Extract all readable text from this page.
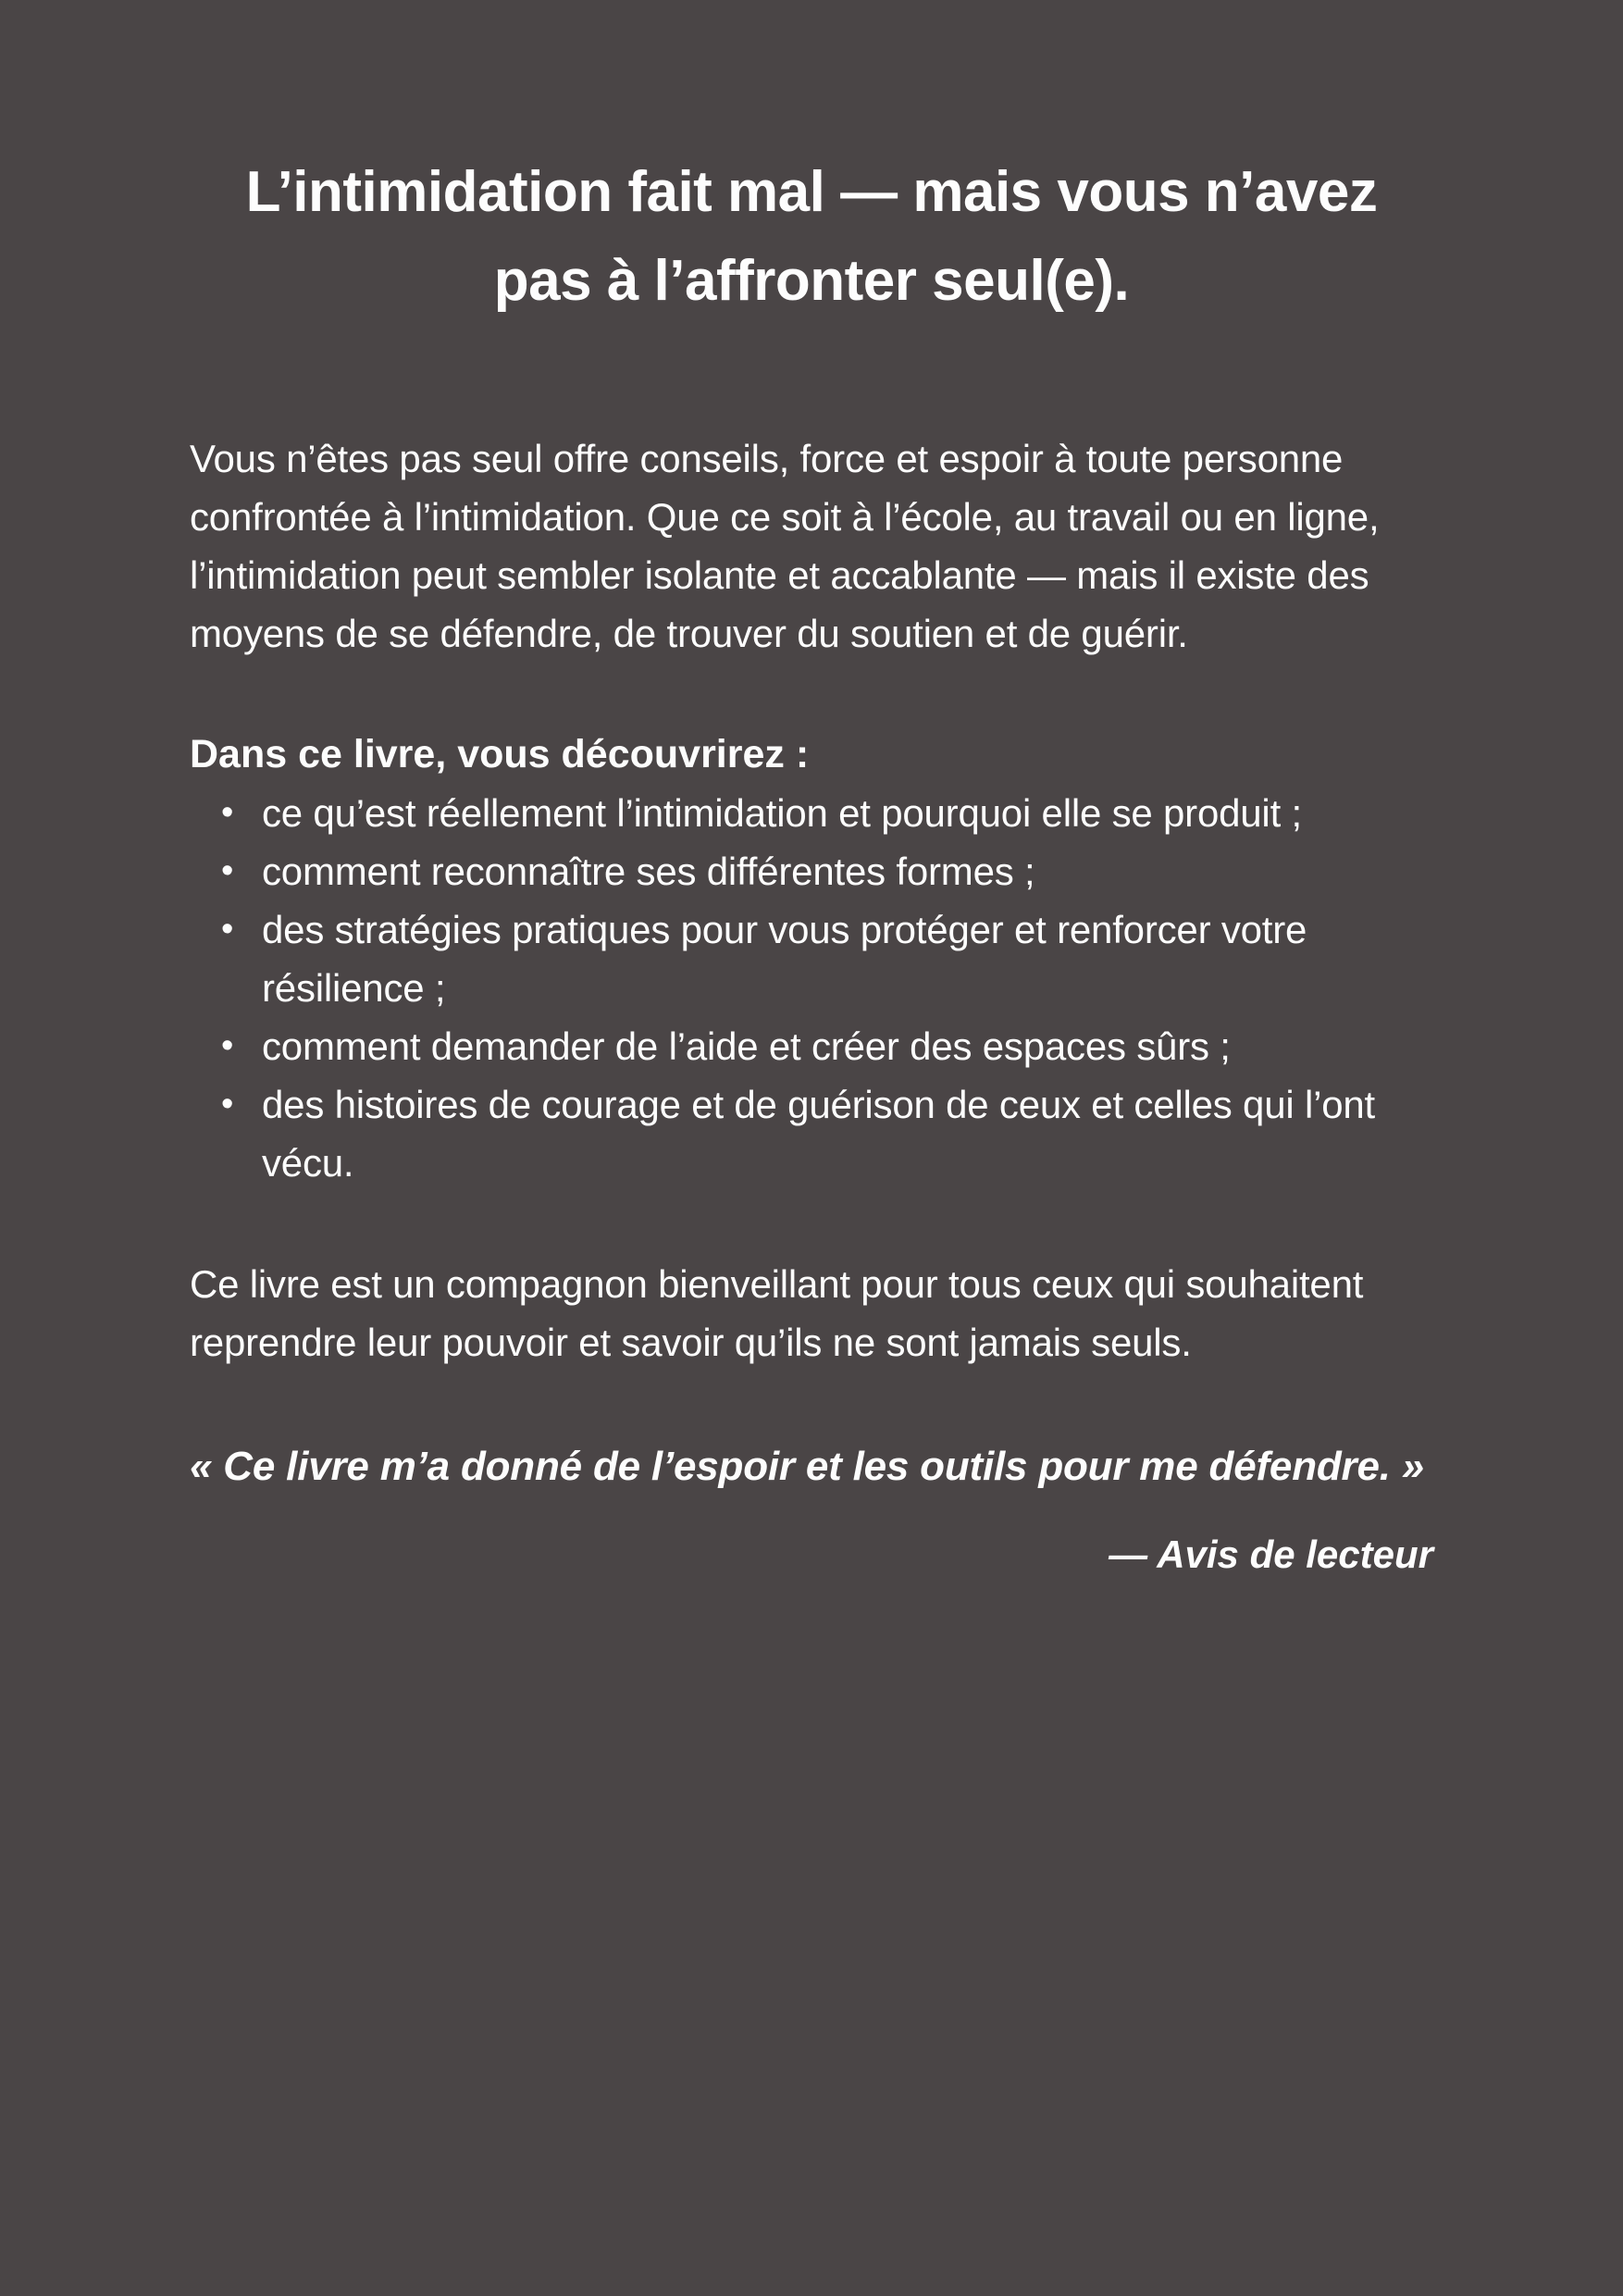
L’intimidation fait mal — mais vous n’avez pas à l’affronter seul(e).

Vous n’êtes pas seul offre conseils, force et espoir à toute personne confrontée à l’intimidation. Que ce soit à l’école, au travail ou en ligne, l’intimidation peut sembler isolante et accablante — mais il existe des moyens de se défendre, de trouver du soutien et de guérir.

Dans ce livre, vous découvrirez :

• ce qu’est réellement l’intimidation et pourquoi elle se produit ;
• comment reconnaître ses différentes formes ;
• des stratégies pratiques pour vous protéger et renforcer votre résilience ;
• comment demander de l’aide et créer des espaces sûrs ;
• des histoires de courage et de guérison de ceux et celles qui l’ont vécu.

Ce livre est un compagnon bienveillant pour tous ceux qui souhaitent reprendre leur pouvoir et savoir qu’ils ne sont jamais seuls.

« Ce livre m’a donné de l’espoir et les outils pour me défendre. »

— Avis de lecteur
